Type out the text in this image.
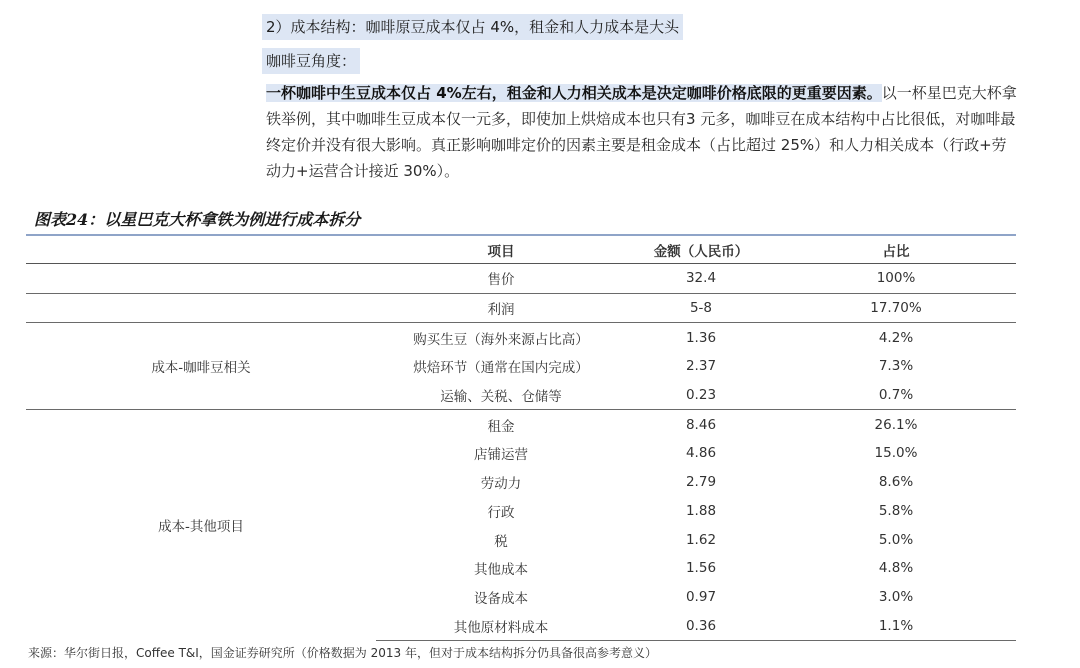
2）成本结构：咖啡原豆成本仅占 4%，租金和人力成本是大头
咖啡豆角度：
一杯咖啡中生豆成本仅占 4%左右，租金和人力相关成本是决定咖啡价格底限的更重要因素。以一杯星巴克大杯拿铁举例，其中咖啡生豆成本仅一元多，即使加上烘焙成本也只有3 元多，咖啡豆在成本结构中占比很低，对咖啡最终定价并没有很大影响。真正影响咖啡定价的因素主要是租金成本（占比超过 25%）和人力相关成本（行政+劳动力+运营合计接近 30%）。
图表24：以星巴克大杯拿铁为例进行成本拆分
	项目	金额（人民币）	占比
	售价	32.4	100%
	利润	5-8	17.70%
成本-咖啡豆相关	购买生豆（海外来源占比高）	1.36	4.2%
	烘焙环节（通常在国内完成）	2.37	7.3%
	运输、关税、仓储等	0.23	0.7%
成本-其他项目	租金	8.46	26.1%
	店铺运营	4.86	15.0%
	劳动力	2.79	8.6%
	行政	1.88	5.8%
	税	1.62	5.0%
	其他成本	1.56	4.8%
	设备成本	0.97	3.0%
	其他原材料成本	0.36	1.1%
来源：华尔街日报，Coffee T&I，国金证券研究所（价格数据为 2013 年，但对于成本结构拆分仍具备很高参考意义）
